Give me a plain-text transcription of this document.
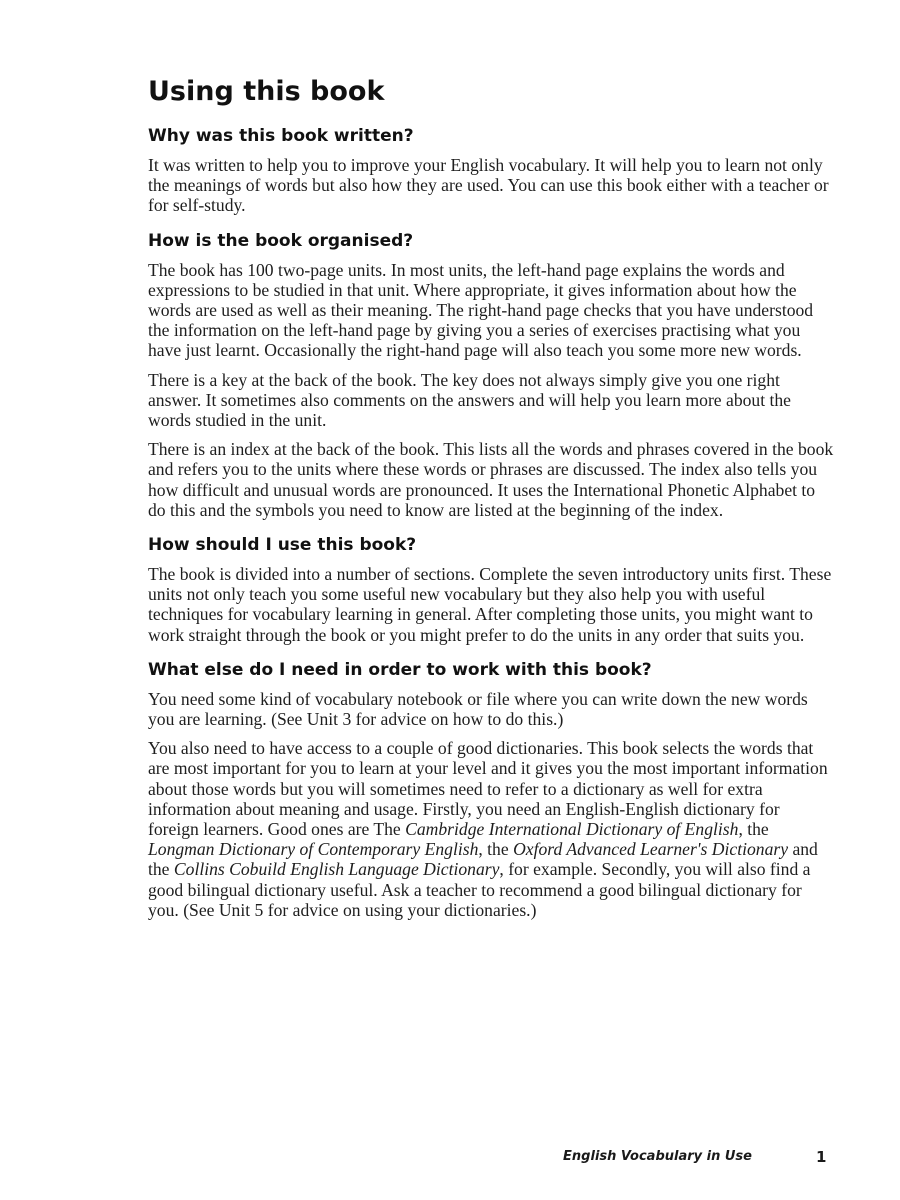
Using this book
Why was this book written?

It was written to help you to improve your English vocabulary. It will help you to learn not only the meanings of words but also how they are used. You can use this book either with a teacher or for self-study.

How is the book organised?

The book has 100 two-page units. In most units, the left-hand page explains the words and expressions to be studied in that unit. Where appropriate, it gives information about how the words are used as well as their meaning. The right-hand page checks that you have understood the information on the left-hand page by giving you a series of exercises practising what you have just learnt. Occasionally the right-hand page will also teach you some more new words.

There is a key at the back of the book. The key does not always simply give you one right answer. It sometimes also comments on the answers and will help you learn more about the words studied in the unit.

There is an index at the back of the book. This lists all the words and phrases covered in the book and refers you to the units where these words or phrases are discussed. The index also tells you how difficult and unusual words are pronounced. It uses the International Phonetic Alphabet to do this and the symbols you need to know are listed at the beginning of the index.

How should I use this book?

The book is divided into a number of sections. Complete the seven introductory units first. These units not only teach you some useful new vocabulary but they also help you with useful techniques for vocabulary learning in general. After completing those units, you might want to work straight through the book or you might prefer to do the units in any order that suits you.

What else do I need in order to work with this book?

You need some kind of vocabulary notebook or file where you can write down the new words you are learning. (See Unit 3 for advice on how to do this.)

You also need to have access to a couple of good dictionaries. This book selects the words that are most important for you to learn at your level and it gives you the most important information about those words but you will sometimes need to refer to a dictionary as well for extra information about meaning and usage. Firstly, you need an English-English dictionary for foreign learners. Good ones are The Cambridge International Dictionary of English, the Longman Dictionary of Contemporary English, the Oxford Advanced Learner's Dictionary and the Collins Cobuild English Language Dictionary, for example. Secondly, you will also find a good bilingual dictionary useful. Ask a teacher to recommend a good bilingual dictionary for you. (See Unit 5 for advice on using your dictionaries.)

English Vocabulary in Use	1
